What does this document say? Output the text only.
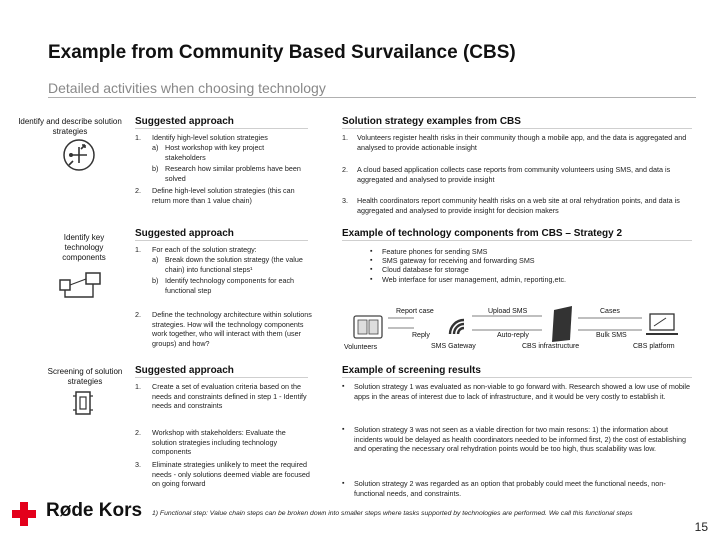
Example from Community Based Survailance (CBS)
Detailed activities when choosing technology
Identify and describe solution strategies
Identify key technology components
Screening of solution strategies
Røde Kors
Suggested approach
1. Identify high-level solution strategies
a) Host workshop with key project stakeholders
b) Research how similar problems have been solved
2. Define high-level solution strategies (this can return more than 1 value chain)
Solution strategy examples from CBS
1. Volunteers register health risks in their community though a mobile app, and the data is aggregated and analysed to provide actionable insight
2. A cloud based application collects case reports from community volunteers using SMS, and data is aggregated and analysed to provide insight
3. Health coordinators report community health risks on a web site at oral rehydration points, and data is aggregated and analysed to provide insight for decision makers
Suggested approach
1. For each of the solution strategy:
a) Break down the solution strategy (the value chain) into functional steps¹
b) Identify technology components for each functional step
2. Define the technology architecture within solutions strategies. How will the technology components work together, who will interact with them (user groups) and how?
Example of technology components from CBS – Strategy 2
▪ Feature phones for sending SMS
▪ SMS gateway for receiving and forwarding SMS
▪ Cloud database for storage
▪ Web interface for user management, admin, reporting,etc.
Report case	Upload SMS	Cases
Reply	Auto-reply	Bulk SMS
Volunteers	SMS Gateway	CBS infrastructure	CBS platform
Suggested approach
1. Create a set of evaluation criteria based on the needs and constraints defined in step 1 - Identify needs and constraints
2. Workshop with stakeholders: Evaluate the solution strategies including technology components
3. Eliminate strategies unlikely to meet the required needs - only solutions deemed viable are focused on going forward
Example of screening results
▪ Solution strategy 1 was evaluated as non-viable to go forward with. Research showed a low use of mobile apps in the areas of interest due to lack of infrastructure, and it would be very costly to establish it.
▪ Solution strategy 3 was not seen as a viable direction for two main resons: 1) the information about incidents would be delayed as health coordinators needed to be informed first, 2) the cost of establishing and operating the necessary oral rehydration points would be too high, thus scalability was low.
▪ Solution strategy 2 was regarded as an option that probably could meet the functional needs, non-functional needs, and constraints.
1) Functional step: Value chain steps can be broken down into smaller steps where tasks supported by technologies are performed. We call this functional steps
15
